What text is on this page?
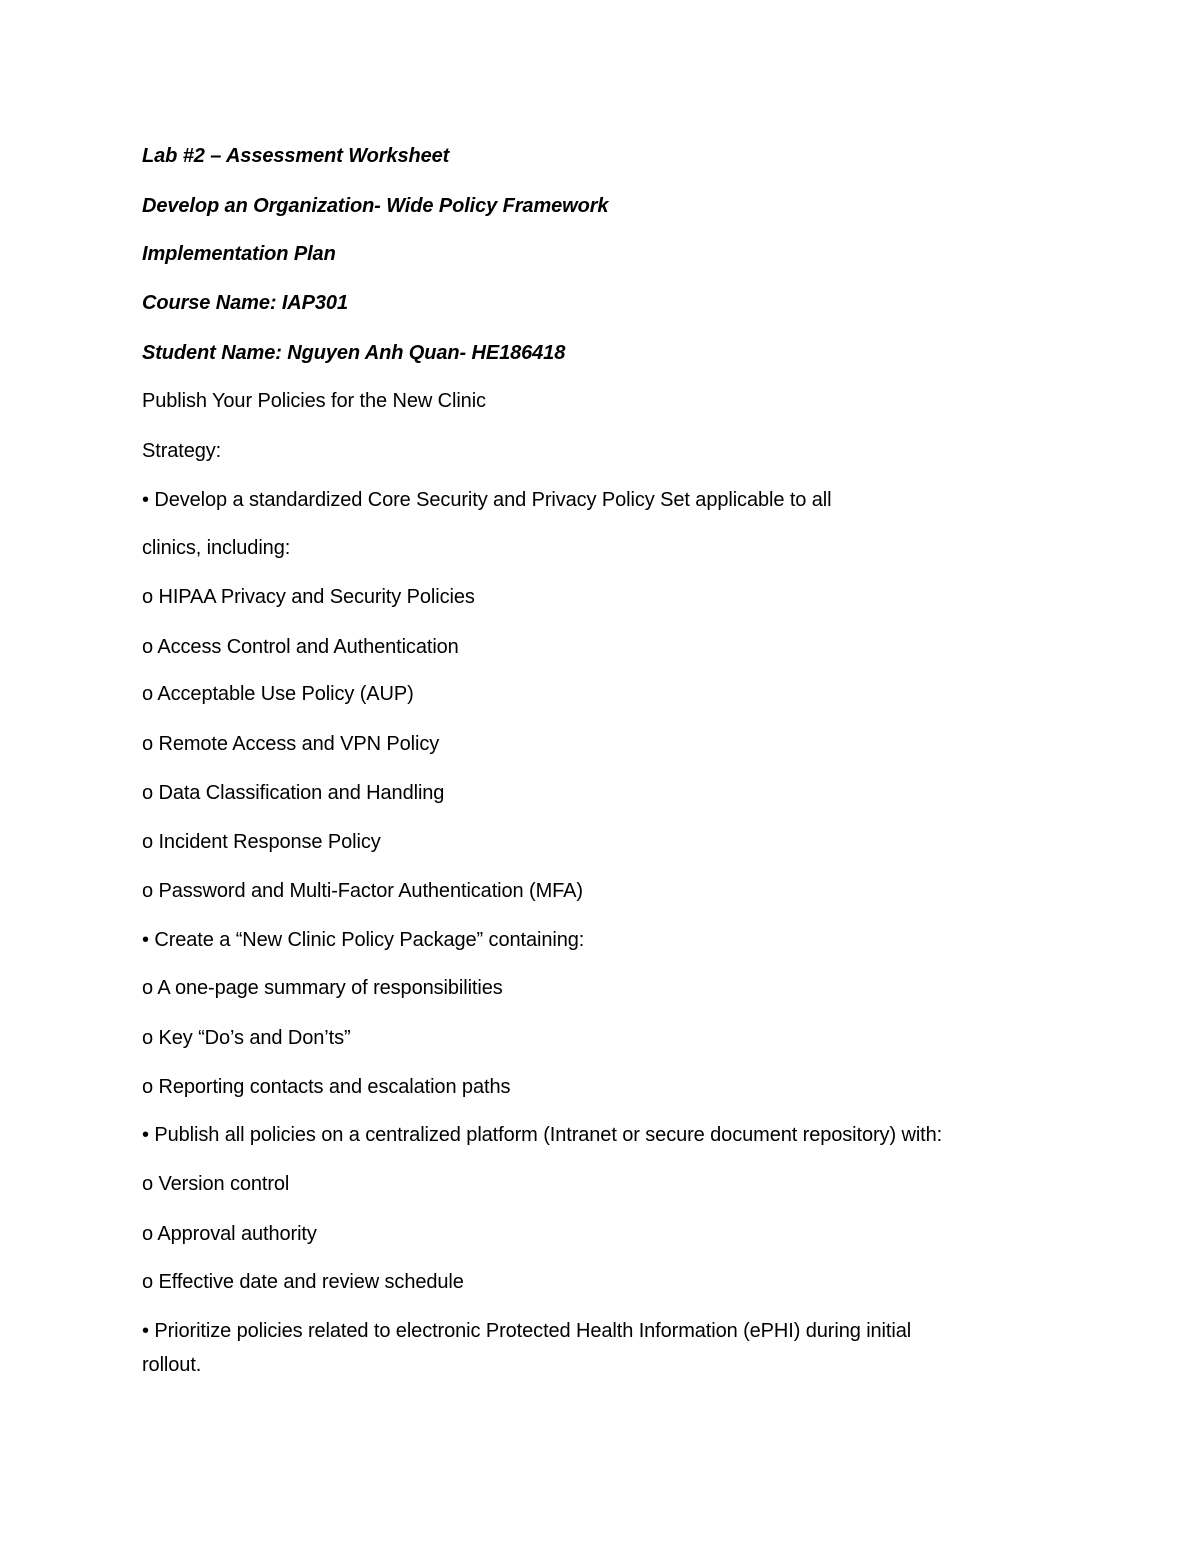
Lab #2 – Assessment Worksheet
Develop an Organization- Wide Policy Framework
Implementation Plan
Course Name: IAP301
Student Name: Nguyen Anh Quan- HE186418
Publish Your Policies for the New Clinic
Strategy:
• Develop a standardized Core Security and Privacy Policy Set applicable to all
clinics, including:
o HIPAA Privacy and Security Policies
o Access Control and Authentication
o Acceptable Use Policy (AUP)
o Remote Access and VPN Policy
o Data Classification and Handling
o Incident Response Policy
o Password and Multi-Factor Authentication (MFA)
• Create a “New Clinic Policy Package” containing:
o A one-page summary of responsibilities
o Key “Do’s and Don’ts”
o Reporting contacts and escalation paths
• Publish all policies on a centralized platform (Intranet or secure document repository) with:
o Version control
o Approval authority
o Effective date and review schedule
• Prioritize policies related to electronic Protected Health Information (ePHI) during initial
rollout.
